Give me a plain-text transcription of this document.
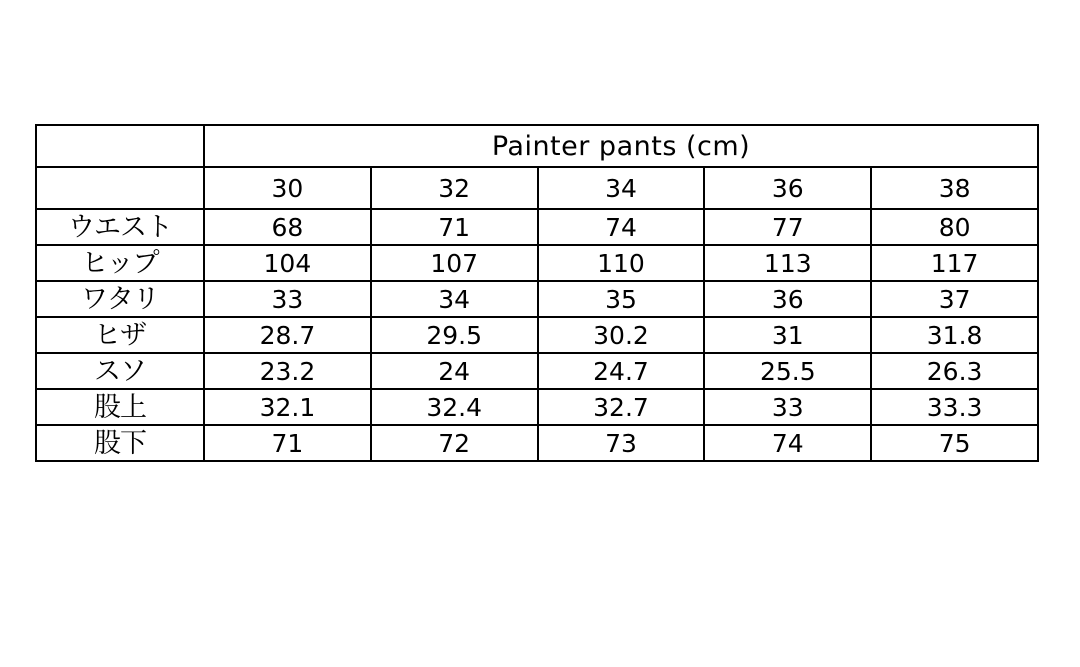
	Painter pants (cm)				
	30	32	34	36	38
ウエスト	68	71	74	77	80
ヒップ	104	107	110	113	117
ワタリ	33	34	35	36	37
ヒザ	28.7	29.5	30.2	31	31.8
スソ	23.2	24	24.7	25.5	26.3
股上	32.1	32.4	32.7	33	33.3
股下	71	72	73	74	75
